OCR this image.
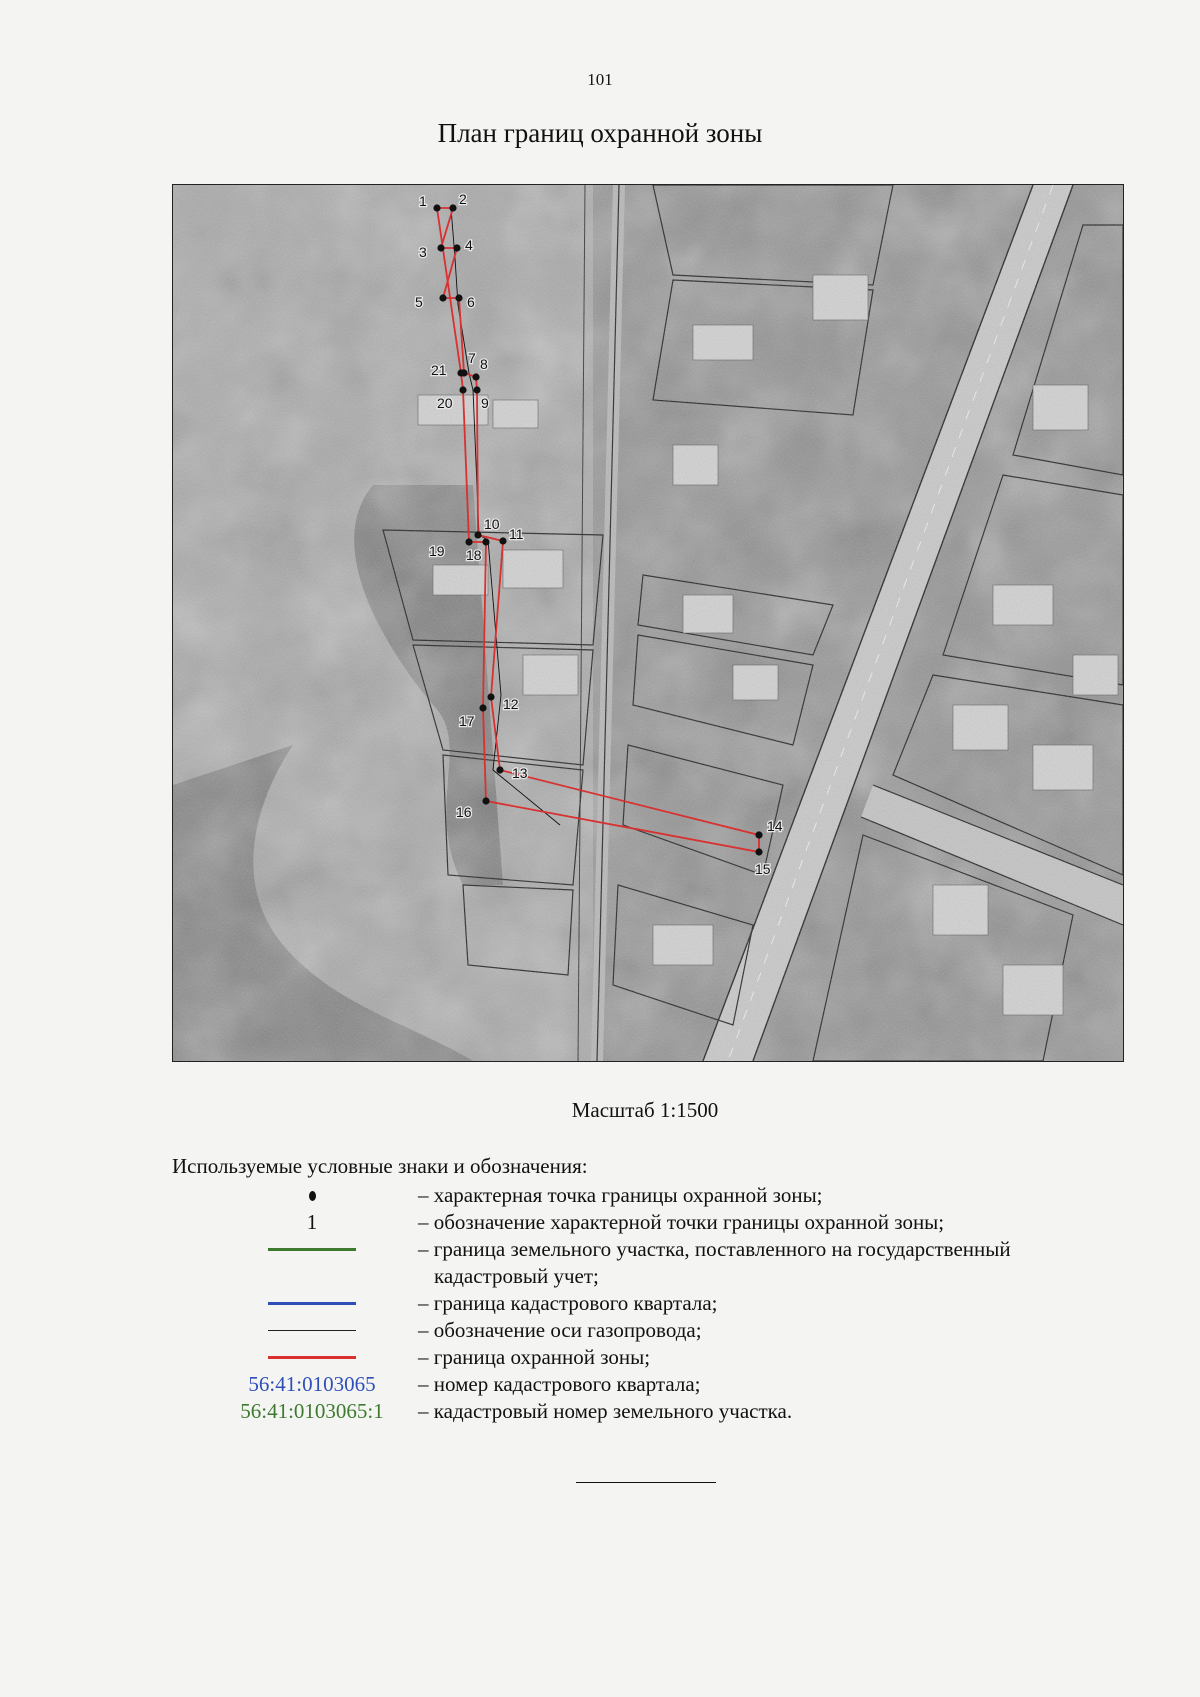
101
План границ охранной зоны
1 2
3	4
5	6
7 8
9
10
11
12
13
14
15
16
17
18
19
20
21
Масштаб 1:1500
Используемые условные знаки и обозначения:
– характерная точка границы охранной зоны;
1	– обозначение характерной точки границы охранной зоны;
– граница земельного участка, поставленного на государственный
кадастровый учет;
– граница кадастрового квартала;
– обозначение оси газопровода;
– граница охранной зоны;
56:41:0103065	– номер кадастрового квартала;
56:41:0103065:1	– кадастровый номер земельного участка.
